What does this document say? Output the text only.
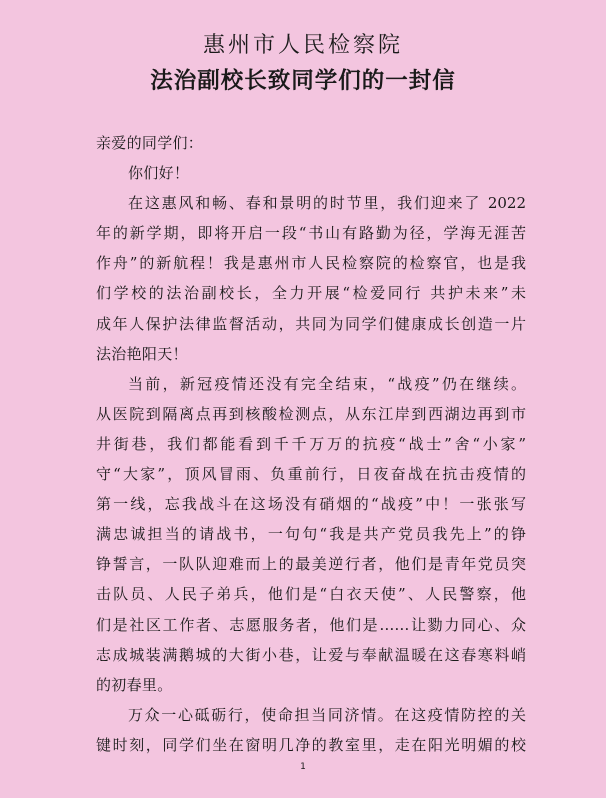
惠州市人民检察院
法治副校长致同学们的一封信
亲爱的同学们：
你们好！
在这惠风和畅、春和景明的时节里，我们迎来了 2022
年的新学期，即将开启一段“书山有路勤为径，学海无涯苦
作舟”的新航程！我是惠州市人民检察院的检察官，也是我
们学校的法治副校长，全力开展“检爱同行 共护未来”未
成年人保护法律监督活动，共同为同学们健康成长创造一片
法治艳阳天！
当前，新冠疫情还没有完全结束，“战疫”仍在继续。
从医院到隔离点再到核酸检测点，从东江岸到西湖边再到市
井街巷，我们都能看到千千万万的抗疫“战士”舍“小家”
守“大家”，顶风冒雨、负重前行，日夜奋战在抗击疫情的
第一线，忘我战斗在这场没有硝烟的“战疫”中！一张张写
满忠诚担当的请战书，一句句“我是共产党员我先上”的铮
铮誓言，一队队迎难而上的最美逆行者，他们是青年党员突
击队员、人民子弟兵，他们是“白衣天使”、人民警察，他
们是社区工作者、志愿服务者，他们是……让勠力同心、众
志成城装满鹅城的大街小巷，让爱与奉献温暖在这春寒料峭
的初春里。
万众一心砥砺行，使命担当同济情。在这疫情防控的关
键时刻，同学们坐在窗明几净的教室里，走在阳光明媚的校
1
